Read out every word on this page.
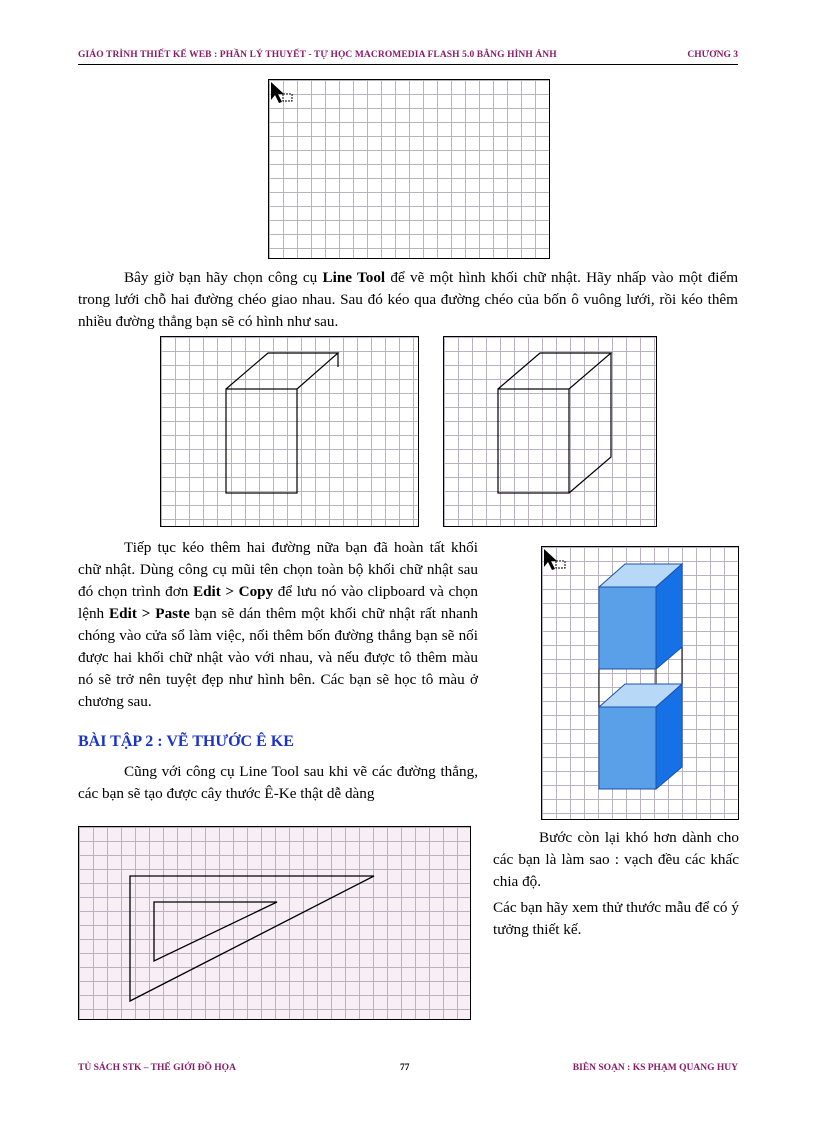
GIÁO TRÌNH THIẾT KẾ WEB : PHẦN LÝ THUYẾT - TỰ HỌC MACROMEDIA FLASH 5.0 BẰNG HÌNH ẢNH	CHƯƠNG 3

Bây giờ bạn hãy chọn công cụ Line Tool để vẽ một hình khối chữ nhật. Hãy nhấp vào một điểm trong lưới chỗ hai đường chéo giao nhau. Sau đó kéo qua đường chéo của bốn ô vuông lưới, rồi kéo thêm nhiều đường thẳng bạn sẽ có hình như sau.

Tiếp tục kéo thêm hai đường nữa bạn đã hoàn tất khối chữ nhật. Dùng công cụ mũi tên chọn toàn bộ khối chữ nhật sau đó chọn trình đơn Edit > Copy để lưu nó vào clipboard và chọn lệnh Edit > Paste bạn sẽ dán thêm một khối chữ nhật rất nhanh chóng vào cửa sổ làm việc, nối thêm bốn đường thẳng bạn sẽ nối được hai khối chữ nhật vào với nhau, và nếu được tô thêm màu nó sẽ trở nên tuyệt đẹp như hình bên. Các bạn sẽ học tô màu ở chương sau.

BÀI TẬP 2 : VẼ THƯỚC Ê KE

Cũng với công cụ Line Tool sau khi vẽ các đường thẳng, các bạn sẽ tạo được cây thước Ê-Ke thật dễ dàng

Bước còn lại khó hơn dành cho các bạn là làm sao : vạch đều các khấc chia độ.

Các bạn hãy xem thử thước mẫu để có ý tưởng thiết kế.

TỦ SÁCH STK – THẾ GIỚI ĐỒ HỌA	77	BIÊN SOẠN : KS PHẠM QUANG HUY
